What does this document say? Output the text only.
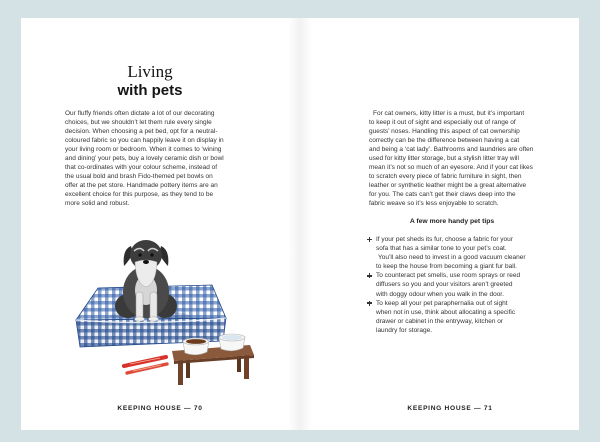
Living
with pets
Our fluffy friends often dictate a lot of our decorating
choices, but we shouldn’t let them rule every single
decision. When choosing a pet bed, opt for a neutral-
coloured fabric so you can happily leave it on display in
your living room or bedroom. When it comes to ‘wining
and dining’ your pets, buy a lovely ceramic dish or bowl
that co-ordinates with your colour scheme, instead of
the usual bold and brash Fido-themed pet bowls on
offer at the pet store. Handmade pottery items are an
excellent choice for this purpose, as they tend to be
more solid and robust.
KEEPING HOUSE — 70
For cat owners, kitty litter is a must, but it’s important
to keep it out of sight and especially out of range of
guests’ noses. Handling this aspect of cat ownership
correctly can be the difference between having a cat
and being a ‘cat lady’. Bathrooms and laundries are often
used for kitty litter storage, but a stylish litter tray will
mean it’s not so much of an eyesore. And if your cat likes
to scratch every piece of fabric furniture in sight, then
leather or synthetic leather might be a great alternative
for you. The cats can’t get their claws deep into the
fabric weave so it’s less enjoyable to scratch.
A few more handy pet tips
If your pet sheds its fur, choose a fabric for your
sofa that has a similar tone to your pet’s coat.
You’ll also need to invest in a good vacuum cleaner
to keep the house from becoming a giant fur ball.
To counteract pet smells, use room sprays or reed
diffusers so you and your visitors aren’t greeted
with doggy odour when you walk in the door.
To keep all your pet paraphernalia out of sight
when not in use, think about allocating a specific
drawer or cabinet in the entryway, kitchen or
laundry for storage.
KEEPING HOUSE — 71
